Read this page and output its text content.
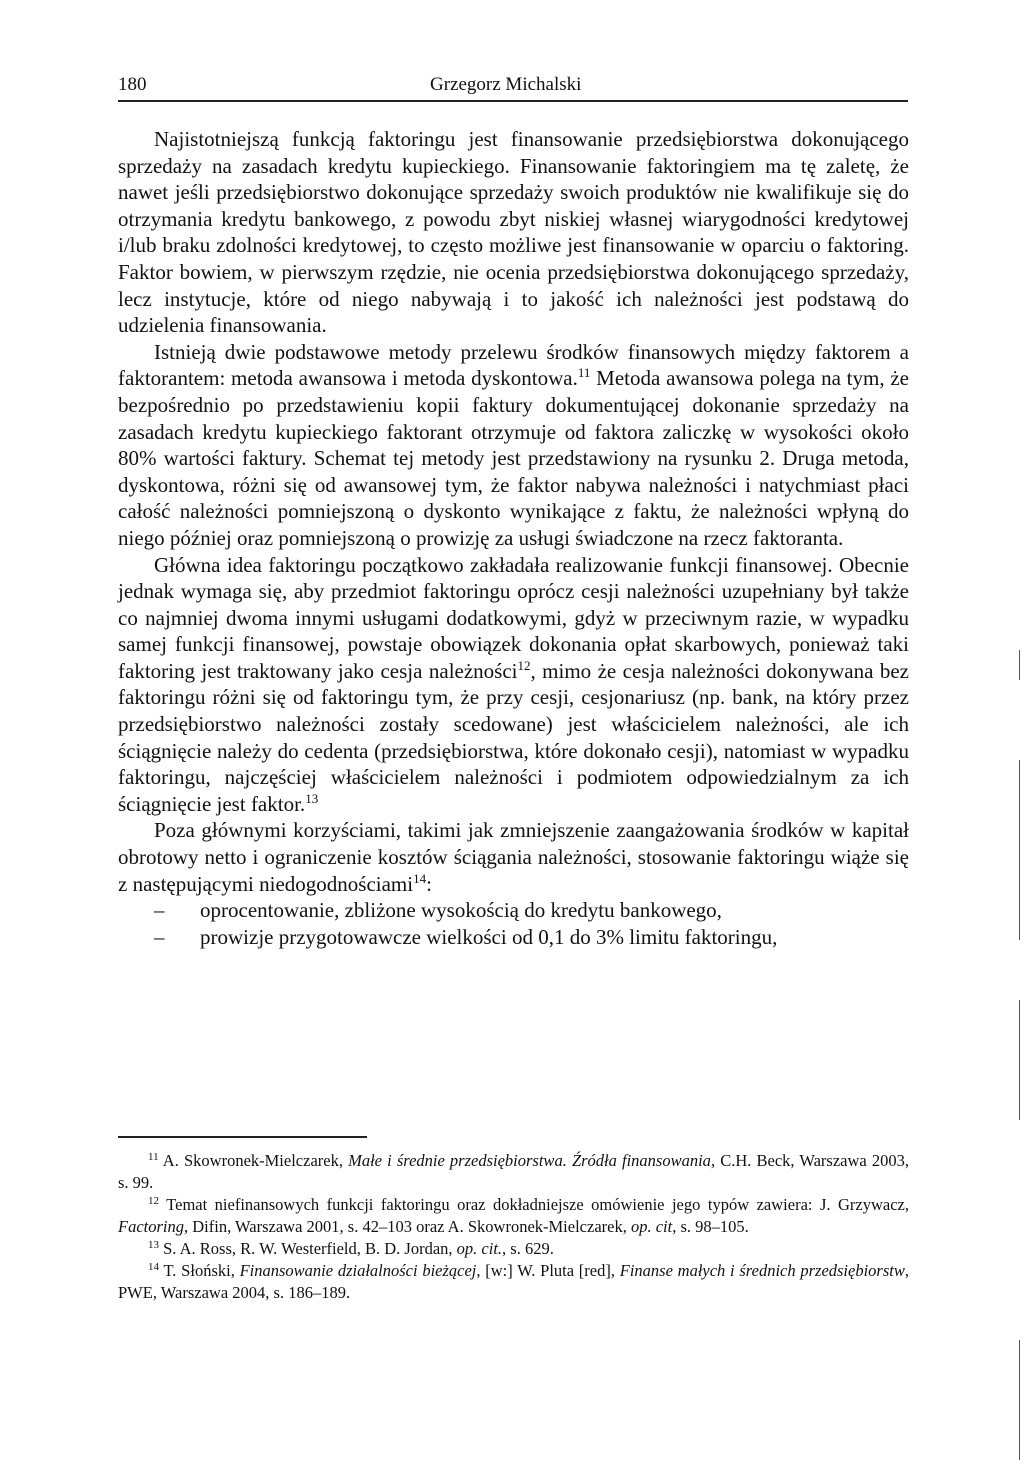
180	Grzegorz Michalski

Najistotniejszą funkcją faktoringu jest finansowanie przedsiębiorstwa dokonującego sprzedaży na zasadach kredytu kupieckiego. Finansowanie faktoringiem ma tę zaletę, że nawet jeśli przedsiębiorstwo dokonujące sprzedaży swoich produktów nie kwalifikuje się do otrzymania kredytu bankowego, z powodu zbyt niskiej własnej wiarygodności kredytowej i/lub braku zdolności kredytowej, to często możliwe jest finansowanie w oparciu o faktoring. Faktor bowiem, w pierwszym rzędzie, nie ocenia przedsiębiorstwa dokonującego sprzedaży, lecz instytucje, które od niego nabywają i to jakość ich należności jest podstawą do udzielenia finansowania.

Istnieją dwie podstawowe metody przelewu środków finansowych między faktorem a faktorantem: metoda awansowa i metoda dyskontowa.$^{11}$ Metoda awansowa polega na tym, że bezpośrednio po przedstawieniu kopii faktury dokumentującej dokonanie sprzedaży na zasadach kredytu kupieckiego faktorant otrzymuje od faktora zaliczkę w wysokości około 80% wartości faktury. Schemat tej metody jest przedstawiony na rysunku 2. Druga metoda, dyskontowa, różni się od awansowej tym, że faktor nabywa należności i natychmiast płaci całość należności pomniejszoną o dyskonto wynikające z faktu, że należności wpłyną do niego później oraz pomniejszoną o prowizję za usługi świadczone na rzecz faktoranta.

Główna idea faktoringu początkowo zakładała realizowanie funkcji finansowej. Obecnie jednak wymaga się, aby przedmiot faktoringu oprócz cesji należności uzupełniany był także co najmniej dwoma innymi usługami dodatkowymi, gdyż w przeciwnym razie, w wypadku samej funkcji finansowej, powstaje obowiązek dokonania opłat skarbowych, ponieważ taki faktoring jest traktowany jako cesja należności$^{12}$, mimo że cesja należności dokonywana bez faktoringu różni się od faktoringu tym, że przy cesji, cesjonariusz (np. bank, na który przez przedsiębiorstwo należności zostały scedowane) jest właścicielem należności, ale ich ściągnięcie należy do cedenta (przedsiębiorstwa, które dokonało cesji), natomiast w wypadku faktoringu, najczęściej właścicielem należności i podmiotem odpowiedzialnym za ich ściągnięcie jest faktor.$^{13}$

Poza głównymi korzyściami, takimi jak zmniejszenie zaangażowania środków w kapitał obrotowy netto i ograniczenie kosztów ściągania należności, stosowanie faktoringu wiąże się z następującymi niedogodnościami$^{14}$:

oprocentowanie, zbliżone wysokością do kredytu bankowego,
prowizje przygotowawcze wielkości od 0,1 do 3% limitu faktoringu,

$^{11}$ A. Skowronek-Mielczarek, Małe i średnie przedsiębiorstwa. Źródła finansowania, C.H. Beck, Warszawa 2003, s. 99.

$^{12}$ Temat niefinansowych funkcji faktoringu oraz dokładniejsze omówienie jego typów zawiera: J. Grzywacz, Factoring, Difin, Warszawa 2001, s. 42–103 oraz A. Skowronek-Mielczarek, op. cit, s. 98–105.

$^{13}$ S. A. Ross, R. W. Westerfield, B. D. Jordan, op. cit., s. 629.

$^{14}$ T. Słoński, Finansowanie działalności bieżącej, [w:] W. Pluta [red], Finanse małych i średnich przedsiębiorstw, PWE, Warszawa 2004, s. 186–189.
